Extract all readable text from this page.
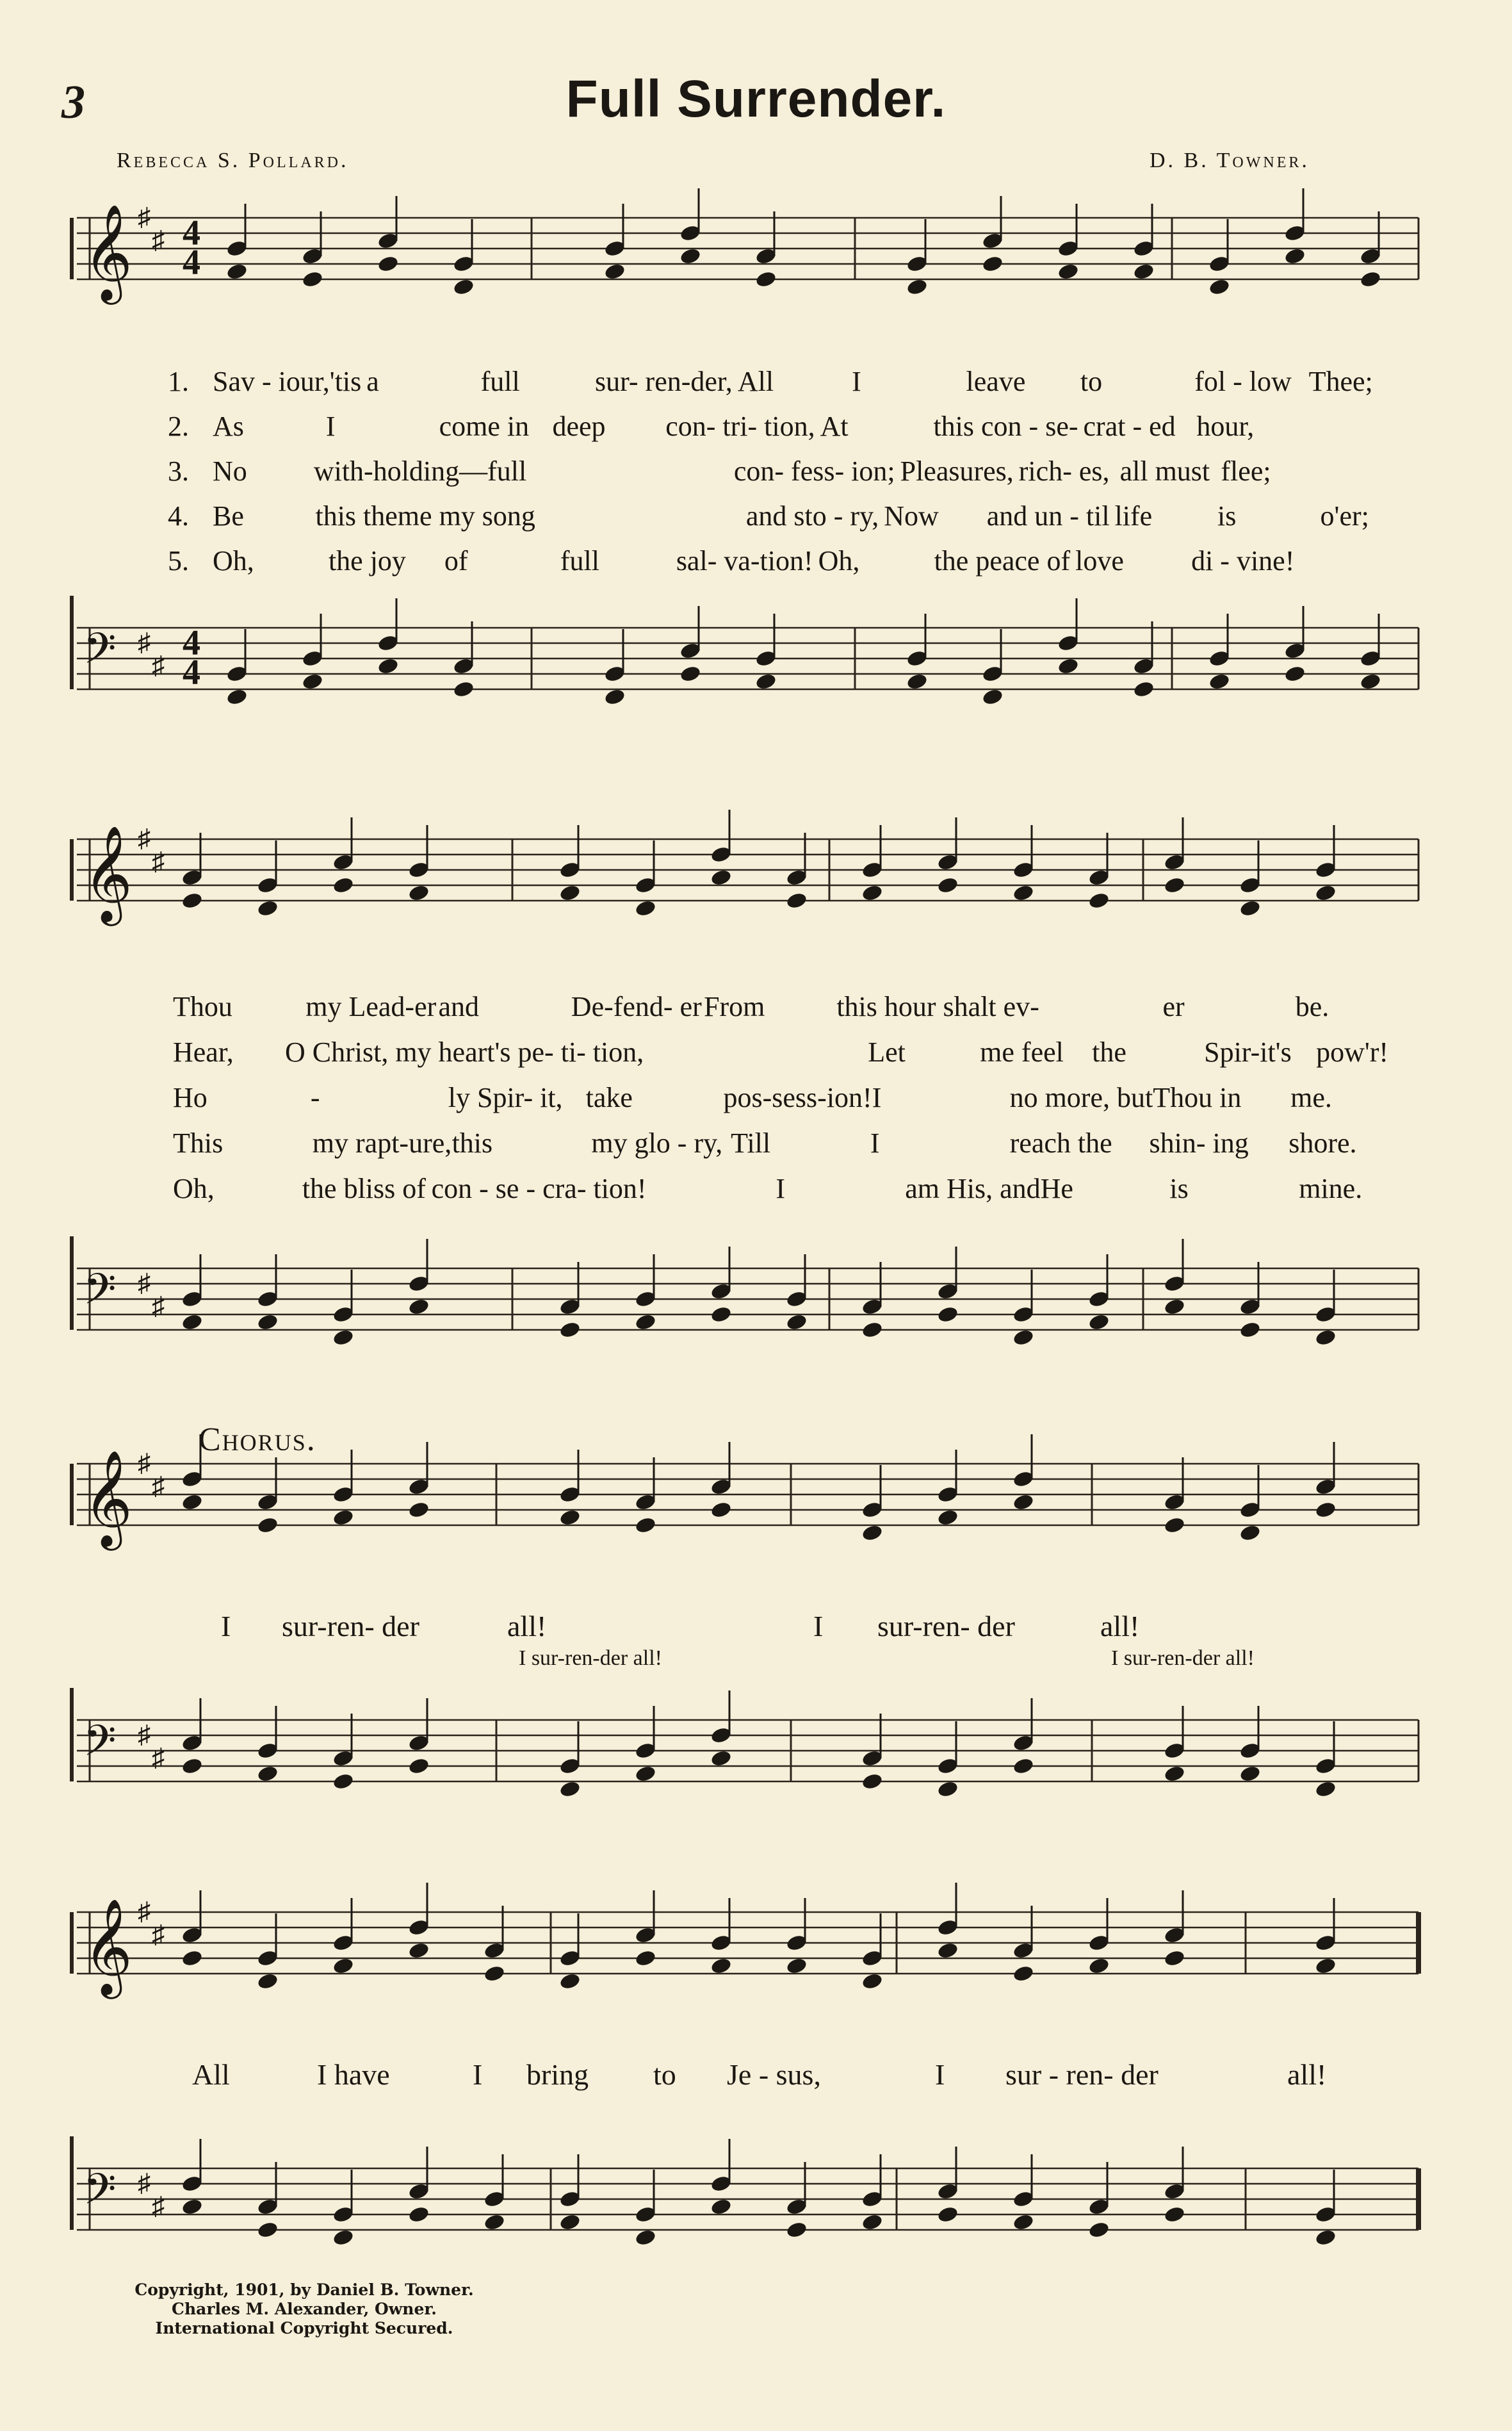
3	Full Surrender.
Rebecca S. Pollard.	D. B. Towner.
𝄞 ♯
♯ 4
4
𝄢 ♯
♯
4
4
𝄞 ♯
♯
𝄢 ♯
♯
𝄞 ♯
♯
𝄢 ♯
♯
𝄞 ♯
♯
𝄢 ♯
♯
1. Sav - iour,'tis a	full	sur- ren-der, All	I	leave	to	fol - low Thee;
2. As	I	come in deep	con- tri- tion, At	this con - se- crat - ed hour,
3. No	with-holding—full	con- fess- ion; Pleasures, rich- es, all must flee;
4. Be	this theme my song	and sto - ry, Now	and un - til life	is	o'er;
5. Oh,	the joy	of	full	sal- va-tion! Oh,	the peace of love	di - vine!
Thou	my Lead-er and	De-fend- er From	this hour shalt ev -	er	be.
Hear,	O Christ, my heart's pe- ti- tion,	Let	me feel	the	Spir-it's pow'r!
Ho	-	ly Spir- it, take	pos-sess-ion! I	no more, but Thou in	me.
This	my rapt-ure, this	my glo - ry, Till	I	reach the	shin- ing	shore.
Oh,	the bliss of con - se - cra- tion!	I	am His, and He	is	mine.
Chorus.
I sur-ren- der	all!	I sur-ren- der	all!
I sur-ren-der all!	I sur-ren-der all!
All	I have	I bring to Je - sus,	I sur - ren- der	all!
Copyright, 1901, by Daniel B. Towner.
Charles M. Alexander, Owner.
International Copyright Secured.
